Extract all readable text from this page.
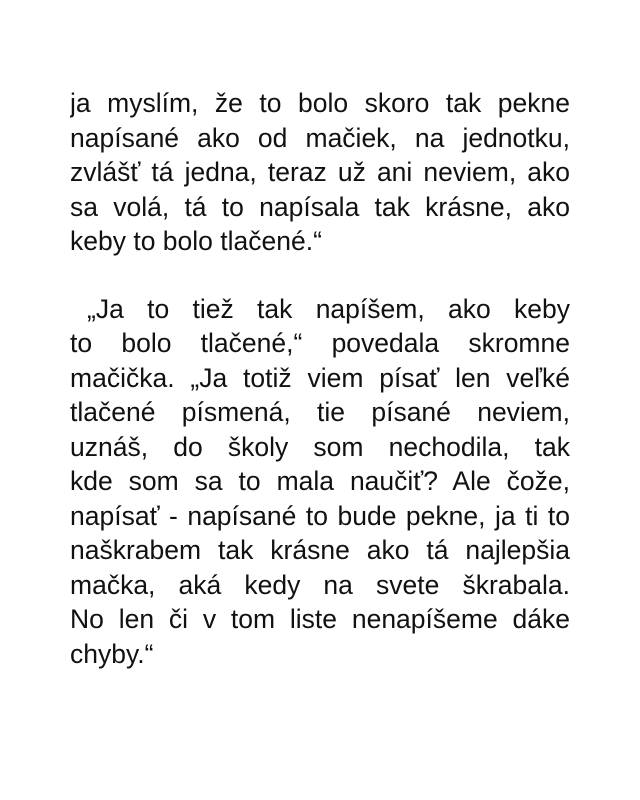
ja myslím, že to bolo skoro tak pekne
napísané ako od mačiek, na jednotku,
zvlášť tá jedna, teraz už ani neviem, ako
sa volá, tá to napísala tak krásne, ako
keby to bolo tlačené.“
„Ja to tiež tak napíšem, ako keby
to bolo tlačené,“ povedala skromne
mačička. „Ja totiž viem písať len veľké
tlačené písmená, tie písané neviem,
uznáš, do školy som nechodila, tak
kde som sa to mala naučiť? Ale čože,
napísať - napísané to bude pekne, ja ti to
naškrabem tak krásne ako tá najlepšia
mačka, aká kedy na svete škrabala.
No len či v tom liste nenapíšeme dáke
chyby.“
